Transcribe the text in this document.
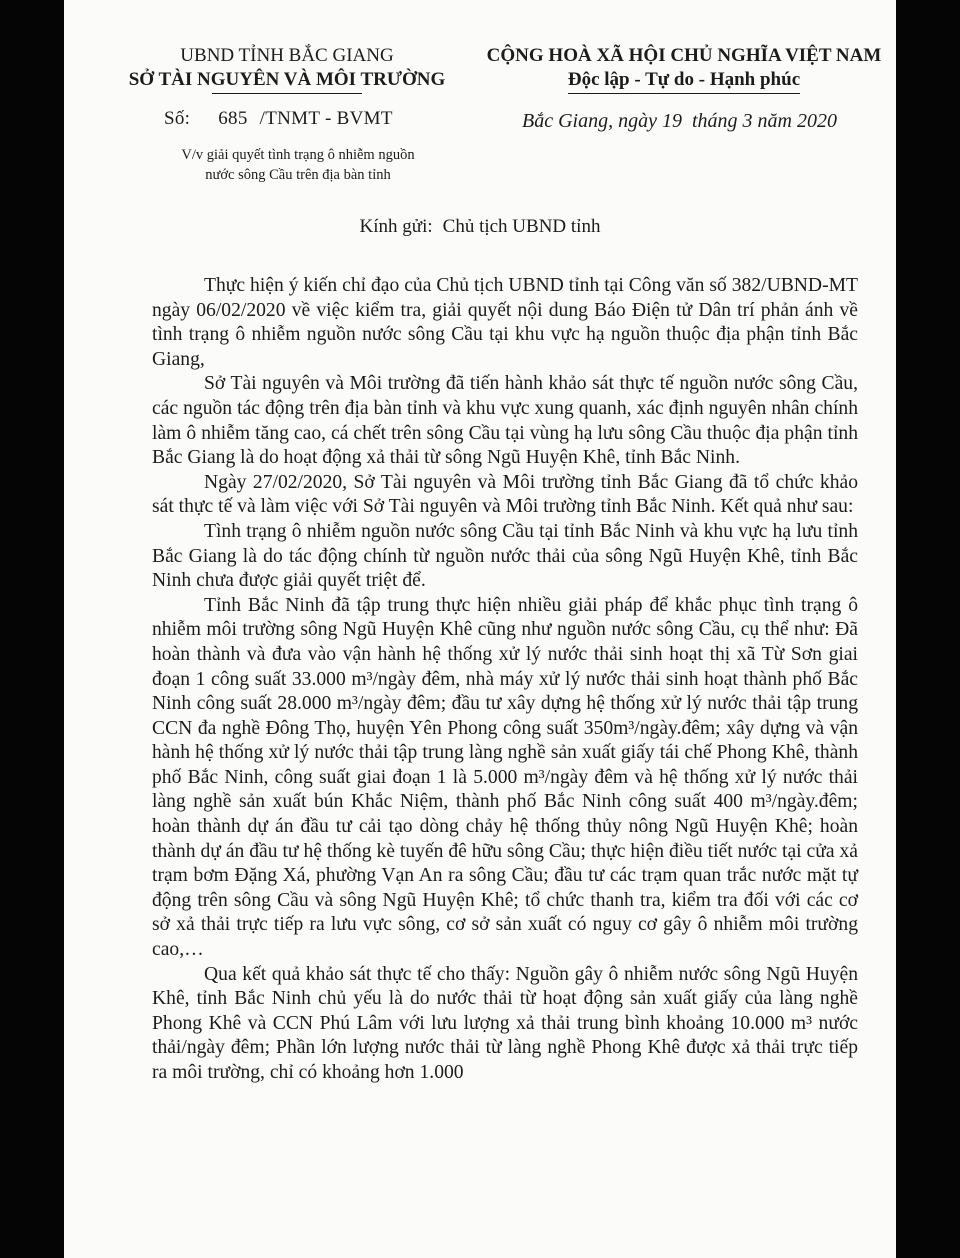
UBND TỈNH BẮC GIANG
SỞ TÀI NGUYÊN VÀ MÔI TRƯỜNG
CỘNG HOÀ XÃ HỘI CHỦ NGHĨA VIỆT NAM
Độc lập - Tự do - Hạnh phúc
Số: 685 /TNMT - BVMT	Bắc Giang, ngày 19  tháng 3 năm 2020
V/v giải quyết tình trạng ô nhiễm nguồn
nước sông Cầu trên địa bàn tỉnh
Kính gửi: Chủ tịch UBND tỉnh

Thực hiện ý kiến chỉ đạo của Chủ tịch UBND tỉnh tại Công văn số 382/UBND-MT ngày 06/02/2020 về việc kiểm tra, giải quyết nội dung Báo Điện tử Dân trí phản ánh về tình trạng ô nhiễm nguồn nước sông Cầu tại khu vực hạ nguồn thuộc địa phận tỉnh Bắc Giang,

Sở Tài nguyên và Môi trường đã tiến hành khảo sát thực tế nguồn nước sông Cầu, các nguồn tác động trên địa bàn tỉnh và khu vực xung quanh, xác định nguyên nhân chính làm ô nhiễm tăng cao, cá chết trên sông Cầu tại vùng hạ lưu sông Cầu thuộc địa phận tỉnh Bắc Giang là do hoạt động xả thải từ sông Ngũ Huyện Khê, tỉnh Bắc Ninh.

Ngày 27/02/2020, Sở Tài nguyên và Môi trường tỉnh Bắc Giang đã tổ chức khảo sát thực tế và làm việc với Sở Tài nguyên và Môi trường tỉnh Bắc Ninh. Kết quả như sau:

Tình trạng ô nhiễm nguồn nước sông Cầu tại tỉnh Bắc Ninh và khu vực hạ lưu tỉnh Bắc Giang là do tác động chính từ nguồn nước thải của sông Ngũ Huyện Khê, tỉnh Bắc Ninh chưa được giải quyết triệt để.

Tỉnh Bắc Ninh đã tập trung thực hiện nhiều giải pháp để khắc phục tình trạng ô nhiễm môi trường sông Ngũ Huyện Khê cũng như nguồn nước sông Cầu, cụ thể như: Đã hoàn thành và đưa vào vận hành hệ thống xử lý nước thải sinh hoạt thị xã Từ Sơn giai đoạn 1 công suất 33.000 m³/ngày đêm, nhà máy xử lý nước thải sinh hoạt thành phố Bắc Ninh công suất 28.000 m³/ngày đêm; đầu tư xây dựng hệ thống xử lý nước thải tập trung CCN đa nghề Đông Thọ, huyện Yên Phong công suất 350m³/ngày.đêm; xây dựng và vận hành hệ thống xử lý nước thải tập trung làng nghề sản xuất giấy tái chế Phong Khê, thành phố Bắc Ninh, công suất giai đoạn 1 là 5.000 m³/ngày đêm và hệ thống xử lý nước thải làng nghề sản xuất bún Khắc Niệm, thành phố Bắc Ninh công suất 400 m³/ngày.đêm; hoàn thành dự án đầu tư cải tạo dòng chảy hệ thống thủy nông Ngũ Huyện Khê; hoàn thành dự án đầu tư hệ thống kè tuyến đê hữu sông Cầu; thực hiện điều tiết nước tại cửa xả trạm bơm Đặng Xá, phường Vạn An ra sông Cầu; đầu tư các trạm quan trắc nước mặt tự động trên sông Cầu và sông Ngũ Huyện Khê; tổ chức thanh tra, kiểm tra đối với các cơ sở xả thải trực tiếp ra lưu vực sông, cơ sở sản xuất có nguy cơ gây ô nhiễm môi trường cao,…

Qua kết quả khảo sát thực tế cho thấy: Nguồn gây ô nhiễm nước sông Ngũ Huyện Khê, tỉnh Bắc Ninh chủ yếu là do nước thải từ hoạt động sản xuất giấy của làng nghề Phong Khê và CCN Phú Lâm với lưu lượng xả thải trung bình khoảng 10.000 m³ nước thải/ngày đêm; Phần lớn lượng nước thải từ làng nghề Phong Khê được xả thải trực tiếp ra môi trường, chỉ có khoảng hơn 1.000
